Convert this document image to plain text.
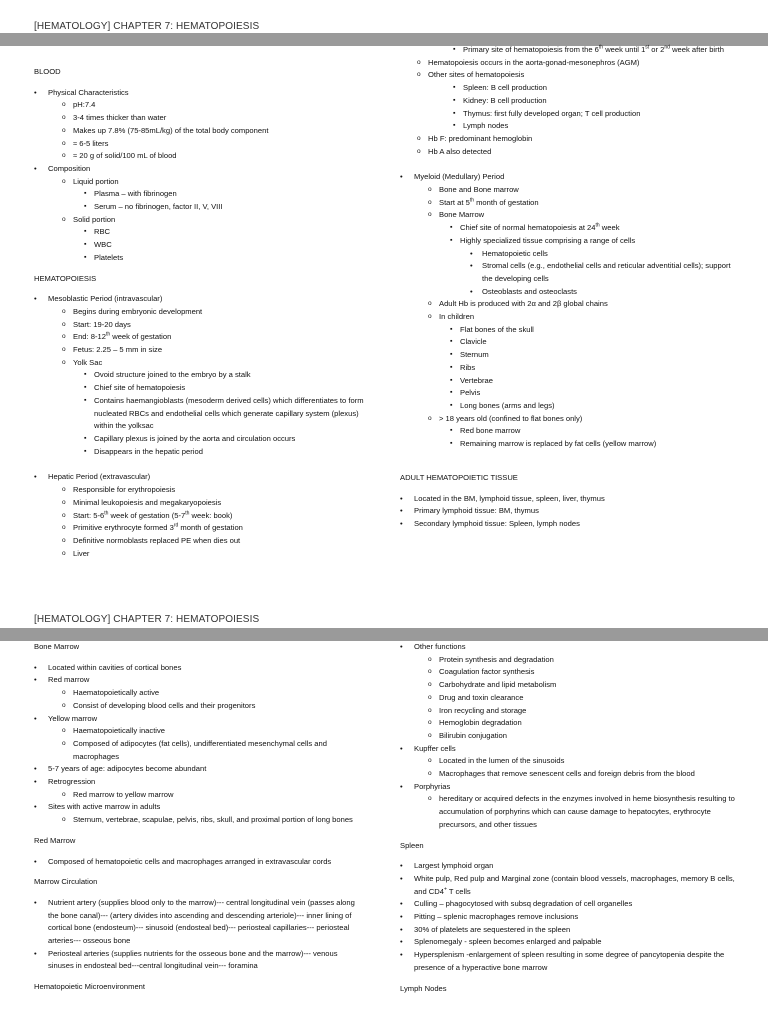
[HEMATOLOGY] CHAPTER 7: HEMATOPOIESIS
BLOOD
• Physical Characteristics
o pH:7.4
o 3-4 times thicker than water
o Makes up 7.8% (75-85mL/kg) of the total body component
o ≈ 6-5 liters
o ≈ 20 g of solid/100 mL of blood
• Composition
o Liquid portion
▪ Plasma – with fibrinogen
▪ Serum – no fibrinogen, factor II, V, VIII
o Solid portion
▪ RBC
▪ WBC
▪ Platelets
HEMATOPOIESIS
• Mesoblastic Period (intravascular)
o Begins during embryonic development
o Start: 19-20 days
o End: 8-12th week of gestation
o Fetus: 2.25 – 5 mm in size
o Yolk Sac
▪ Ovoid structure joined to the embryo by a stalk
▪ Chief site of hematopoiesis
▪ Contains haemangioblasts (mesoderm derived cells) which differentiates to form nucleated RBCs and endothelial cells which generate capillary system (plexus) within the yolksac
▪ Capillary plexus is joined by the aorta and circulation occurs
▪ Disappears in the hepatic period
• Hepatic Period (extravascular)
o Responsible for erythropoiesis
o Minimal leukopoiesis and megakaryopoiesis
o Start: 5-6th week of gestation (5-7th week: book)
o Primitive erythrocyte formed 3rd month of gestation
o Definitive normoblasts replaced PE when dies out
o Liver
▪ Primary site of hematopoiesis from the 6th week until 1st or 2nd week after birth
o Hematopoiesis occurs in the aorta-gonad-mesonephros (AGM)
o Other sites of hematopoiesis
▪ Spleen: B cell production
▪ Kidney: B cell production
▪ Thymus: first fully developed organ; T cell production
▪ Lymph nodes
o Hb F: predominant hemoglobin
o Hb A also detected
• Myeloid (Medullary) Period
o Bone and Bone marrow
o Start at 5th month of gestation
o Bone Marrow
▪ Chief site of normal hematopoiesis at 24th week
▪ Highly specialized tissue comprising a range of cells
• Hematopoietic cells
• Stromal cells (e.g., endothelial cells and reticular adventitial cells); support the developing cells
• Osteoblasts and osteoclasts
o Adult Hb is produced with 2α and 2β global chains
o In children
▪ Flat bones of the skull
▪ Clavicle
▪ Sternum
▪ Ribs
▪ Vertebrae
▪ Pelvis
▪ Long bones (arms and legs)
o > 18 years old (confined to flat bones only)
▪ Red bone marrow
▪ Remaining marrow is replaced by fat cells (yellow marrow)
ADULT HEMATOPOIETIC TISSUE
• Located in the BM, lymphoid tissue, spleen, liver, thymus
• Primary lymphoid tissue: BM, thymus
• Secondary lymphoid tissue: Spleen, lymph nodes
[HEMATOLOGY] CHAPTER 7: HEMATOPOIESIS
Bone Marrow
• Located within cavities of cortical bones
• Red marrow
o Haematopoietically active
o Consist of developing blood cells and their progenitors
• Yellow marrow
o Haematopoietically inactive
o Composed of adipocytes (fat cells), undifferentiated mesenchymal cells and macrophages
• 5-7 years of age: adipocytes become abundant
• Retrogression
o Red marrow to yellow marrow
• Sites with active marrow in adults
o Sternum, vertebrae, scapulae, pelvis, ribs, skull, and proximal portion of long bones
Red Marrow
• Composed of hematopoietic cells and macrophages arranged in extravascular cords
Marrow Circulation
• Nutrient artery (supplies blood only to the marrow)--- central longitudinal vein (passes along the bone canal)--- (artery divides into ascending and descending arteriole)--- inner lining of cortical bone (endosteum)--- sinusoid (endosteal bed)--- periosteal capillaries--- periosteal arteries--- osseous bone
• Periosteal arteries (supplies nutrients for the osseous bone and the marrow)--- venous sinuses in endosteal bed---central longitudinal vein--- foramina
Hematopoietic Microenvironment
• Other functions
o Protein synthesis and degradation
o Coagulation factor synthesis
o Carbohydrate and lipid metabolism
o Drug and toxin clearance
o Iron recycling and storage
o Hemoglobin degradation
o Bilirubin conjugation
• Kupffer cells
o Located in the lumen of the sinusoids
o Macrophages that remove senescent cells and foreign debris from the blood
• Porphyrias
o hereditary or acquired defects in the enzymes involved in heme biosynthesis resulting to accumulation of porphyrins which can cause damage to hepatocytes, erythrocyte precursors, and other tissues
Spleen
• Largest lymphoid organ
• White pulp, Red pulp and Marginal zone (contain blood vessels, macrophages, memory B cells, and CD4+ T cells
• Culling – phagocytosed with subsq degradation of cell organelles
• Pitting – splenic macrophages remove inclusions
• 30% of platelets are sequestered in the spleen
• Splenomegaly - spleen becomes enlarged and palpable
• Hypersplenism -enlargement of spleen resulting in some degree of pancytopenia despite the presence of a hyperactive bone marrow
Lymph Nodes
